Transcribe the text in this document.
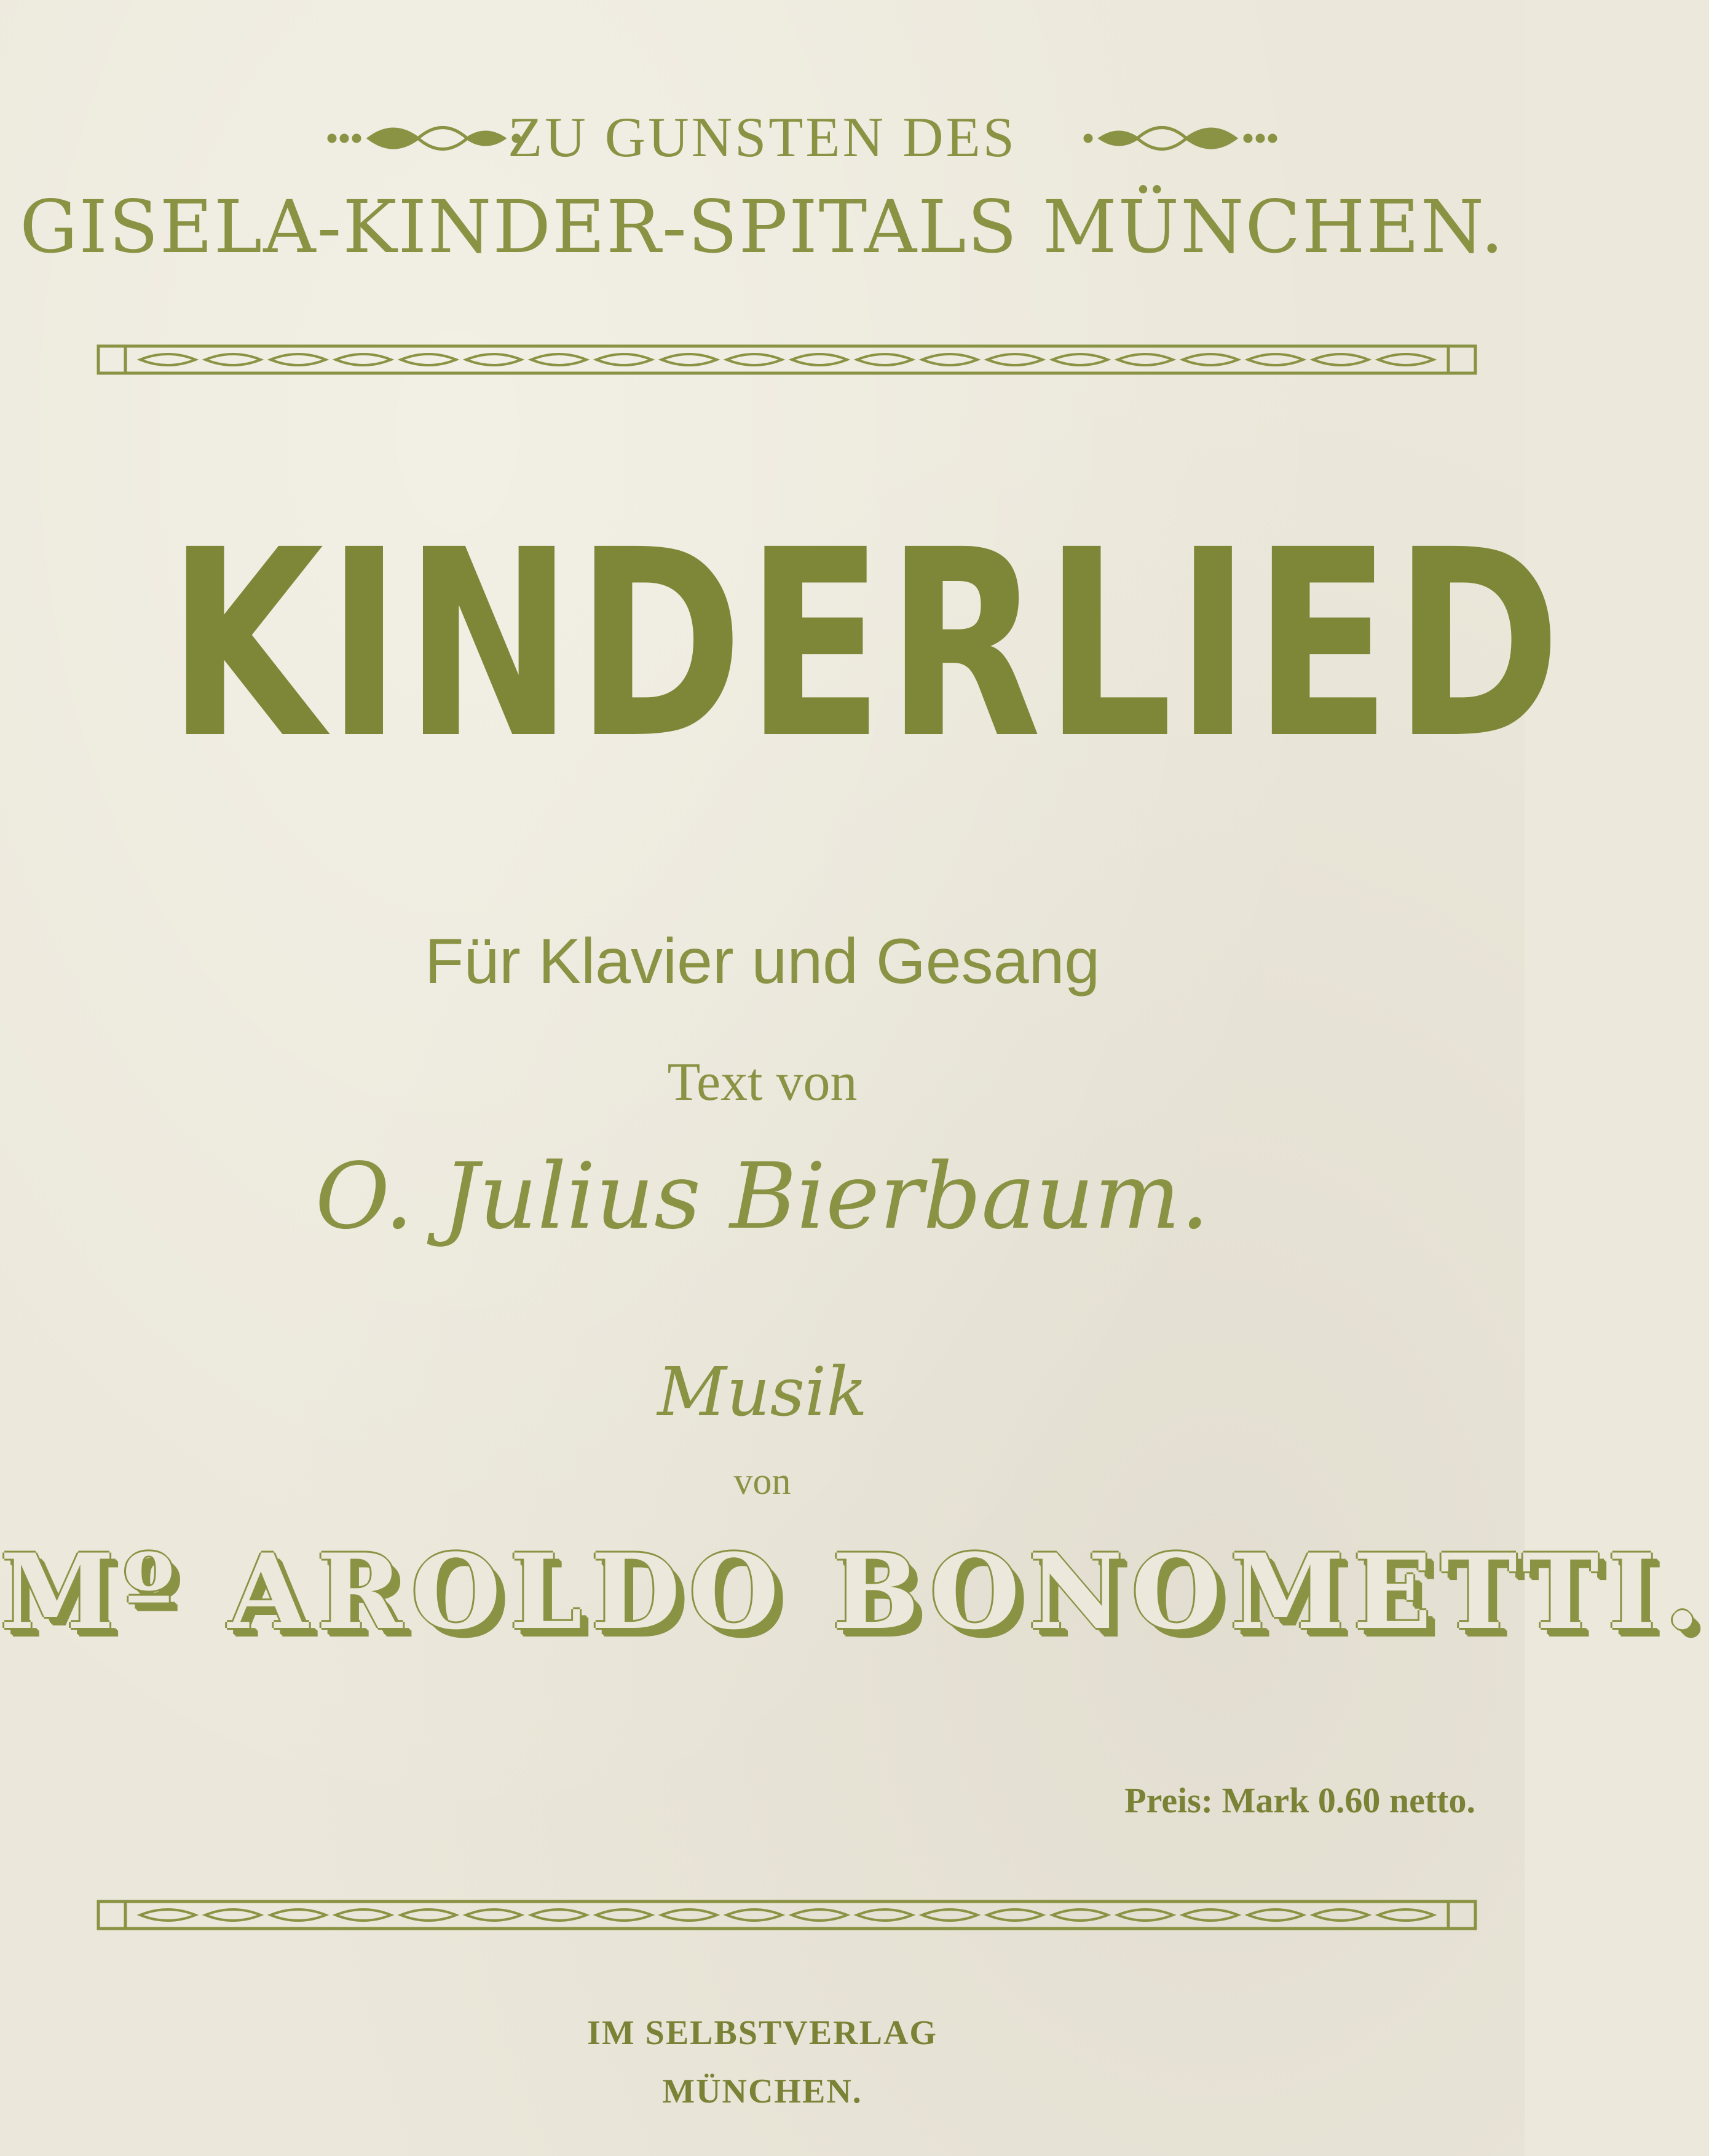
ZU GUNSTEN DES
GISELA-KINDER-SPITALS MÜNCHEN.
KINDERLIED
Für Klavier und Gesang
Text von
O. Julius Bierbaum.
Musik
von
Mº AROLDO BONOMETTI.
Preis: Mark 0.60 netto.
IM SELBSTVERLAG
MÜNCHEN.
